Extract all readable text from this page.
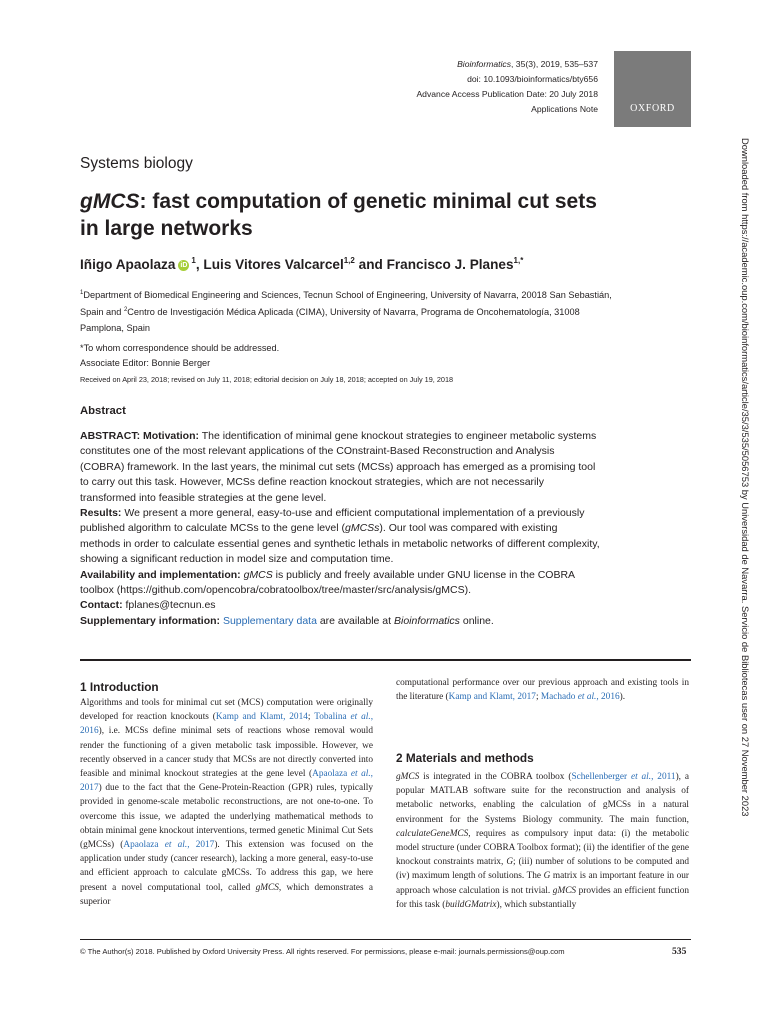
Bioinformatics, 35(3), 2019, 535–537
doi: 10.1093/bioinformatics/bty656
Advance Access Publication Date: 20 July 2018
Applications Note	OXFORD
Systems biology
gMCS: fast computation of genetic minimal cut sets in large networks
Iñigo Apaolaza $iD^1$, Luis Vitores Valcarcel$^{1,2}$ and Francisco J. Planes$^{1,*}$
$^1$Department of Biomedical Engineering and Sciences, Tecnun School of Engineering, University of Navarra, 20018 San Sebastián, Spain and $^2$Centro de Investigación Médica Aplicada (CIMA), University of Navarra, Programa de Oncohematología, 31008 Pamplona, Spain
*To whom correspondence should be addressed.
Associate Editor: Bonnie Berger
Received on April 23, 2018; revised on July 11, 2018; editorial decision on July 18, 2018; accepted on July 19, 2018
Abstract

ABSTRACT: Motivation: The identification of minimal gene knockout strategies to engineer metabolic systems constitutes one of the most relevant applications of the COnstraint-Based Reconstruction and Analysis (COBRA) framework. In the last years, the minimal cut sets (MCSs) approach has emerged as a promising tool to carry out this task. However, MCSs define reaction knockout strategies, which are not necessarily transformed into feasible strategies at the gene level.

Results: We present a more general, easy-to-use and efficient computational implementation of a previously published algorithm to calculate MCSs to the gene level (gMCSs). Our tool was compared with existing methods in order to calculate essential genes and synthetic lethals in metabolic networks of different complexity, showing a significant reduction in model size and computation time.

Availability and implementation: gMCS is publicly and freely available under GNU license in the COBRA toolbox (https://github.com/opencobra/cobratoolbox/tree/master/src/analysis/gMCS).

Contact: fplanes@tecnun.es

Supplementary information: Supplementary data are available at Bioinformatics online.

1 Introduction
Algorithms and tools for minimal cut set (MCS) computation were originally developed for reaction knockouts (Kamp and Klamt, 2014; Tobalina et al., 2016), i.e. MCSs define minimal sets of reactions whose removal would render the functioning of a given metabolic task impossible. However, we recently observed in a cancer study that MCSs are not directly converted into feasible and minimal knockout strategies at the gene level (Apaolaza et al., 2017) due to the fact that the Gene-Protein-Reaction (GPR) rules, typically provided in genome-scale metabolic reconstructions, are not one-to-one. To overcome this issue, we adapted the underlying mathematical methods to obtain minimal gene knockout interventions, termed genetic Minimal Cut Sets (gMCSs) (Apaolaza et al., 2017). This extension was focused on the application under study (cancer research), lacking a more general, easy-to-use and efficient approach to calculate gMCSs. To address this gap, we here present a novel computational tool, called gMCS, which demonstrates a superior
computational performance over our previous approach and existing tools in the literature (Kamp and Klamt, 2017; Machado et al., 2016).
2 Materials and methods
gMCS is integrated in the COBRA toolbox (Schellenberger et al., 2011), a popular MATLAB software suite for the reconstruction and analysis of metabolic networks, enabling the calculation of gMCSs in a natural environment for the Systems Biology community. The main function, calculateGeneMCS, requires as compulsory input data: (i) the metabolic model structure (under COBRA Toolbox format); (ii) the identifier of the gene knockout constraints matrix, G; (iii) number of solutions to be computed and (iv) maximum length of solutions. The G matrix is an important feature in our approach whose calculation is not trivial. gMCS provides an efficient function for this task (buildGMatrix), which substantially
© The Author(s) 2018. Published by Oxford University Press. All rights reserved. For permissions, please e-mail: journals.permissions@oup.com	535
Downloaded from https://academic.oup.com/bioinformatics/article/35/3/535/5056753 by Universidad de Navarra. Servicio de Bibliotecas user on 27 November 2023
